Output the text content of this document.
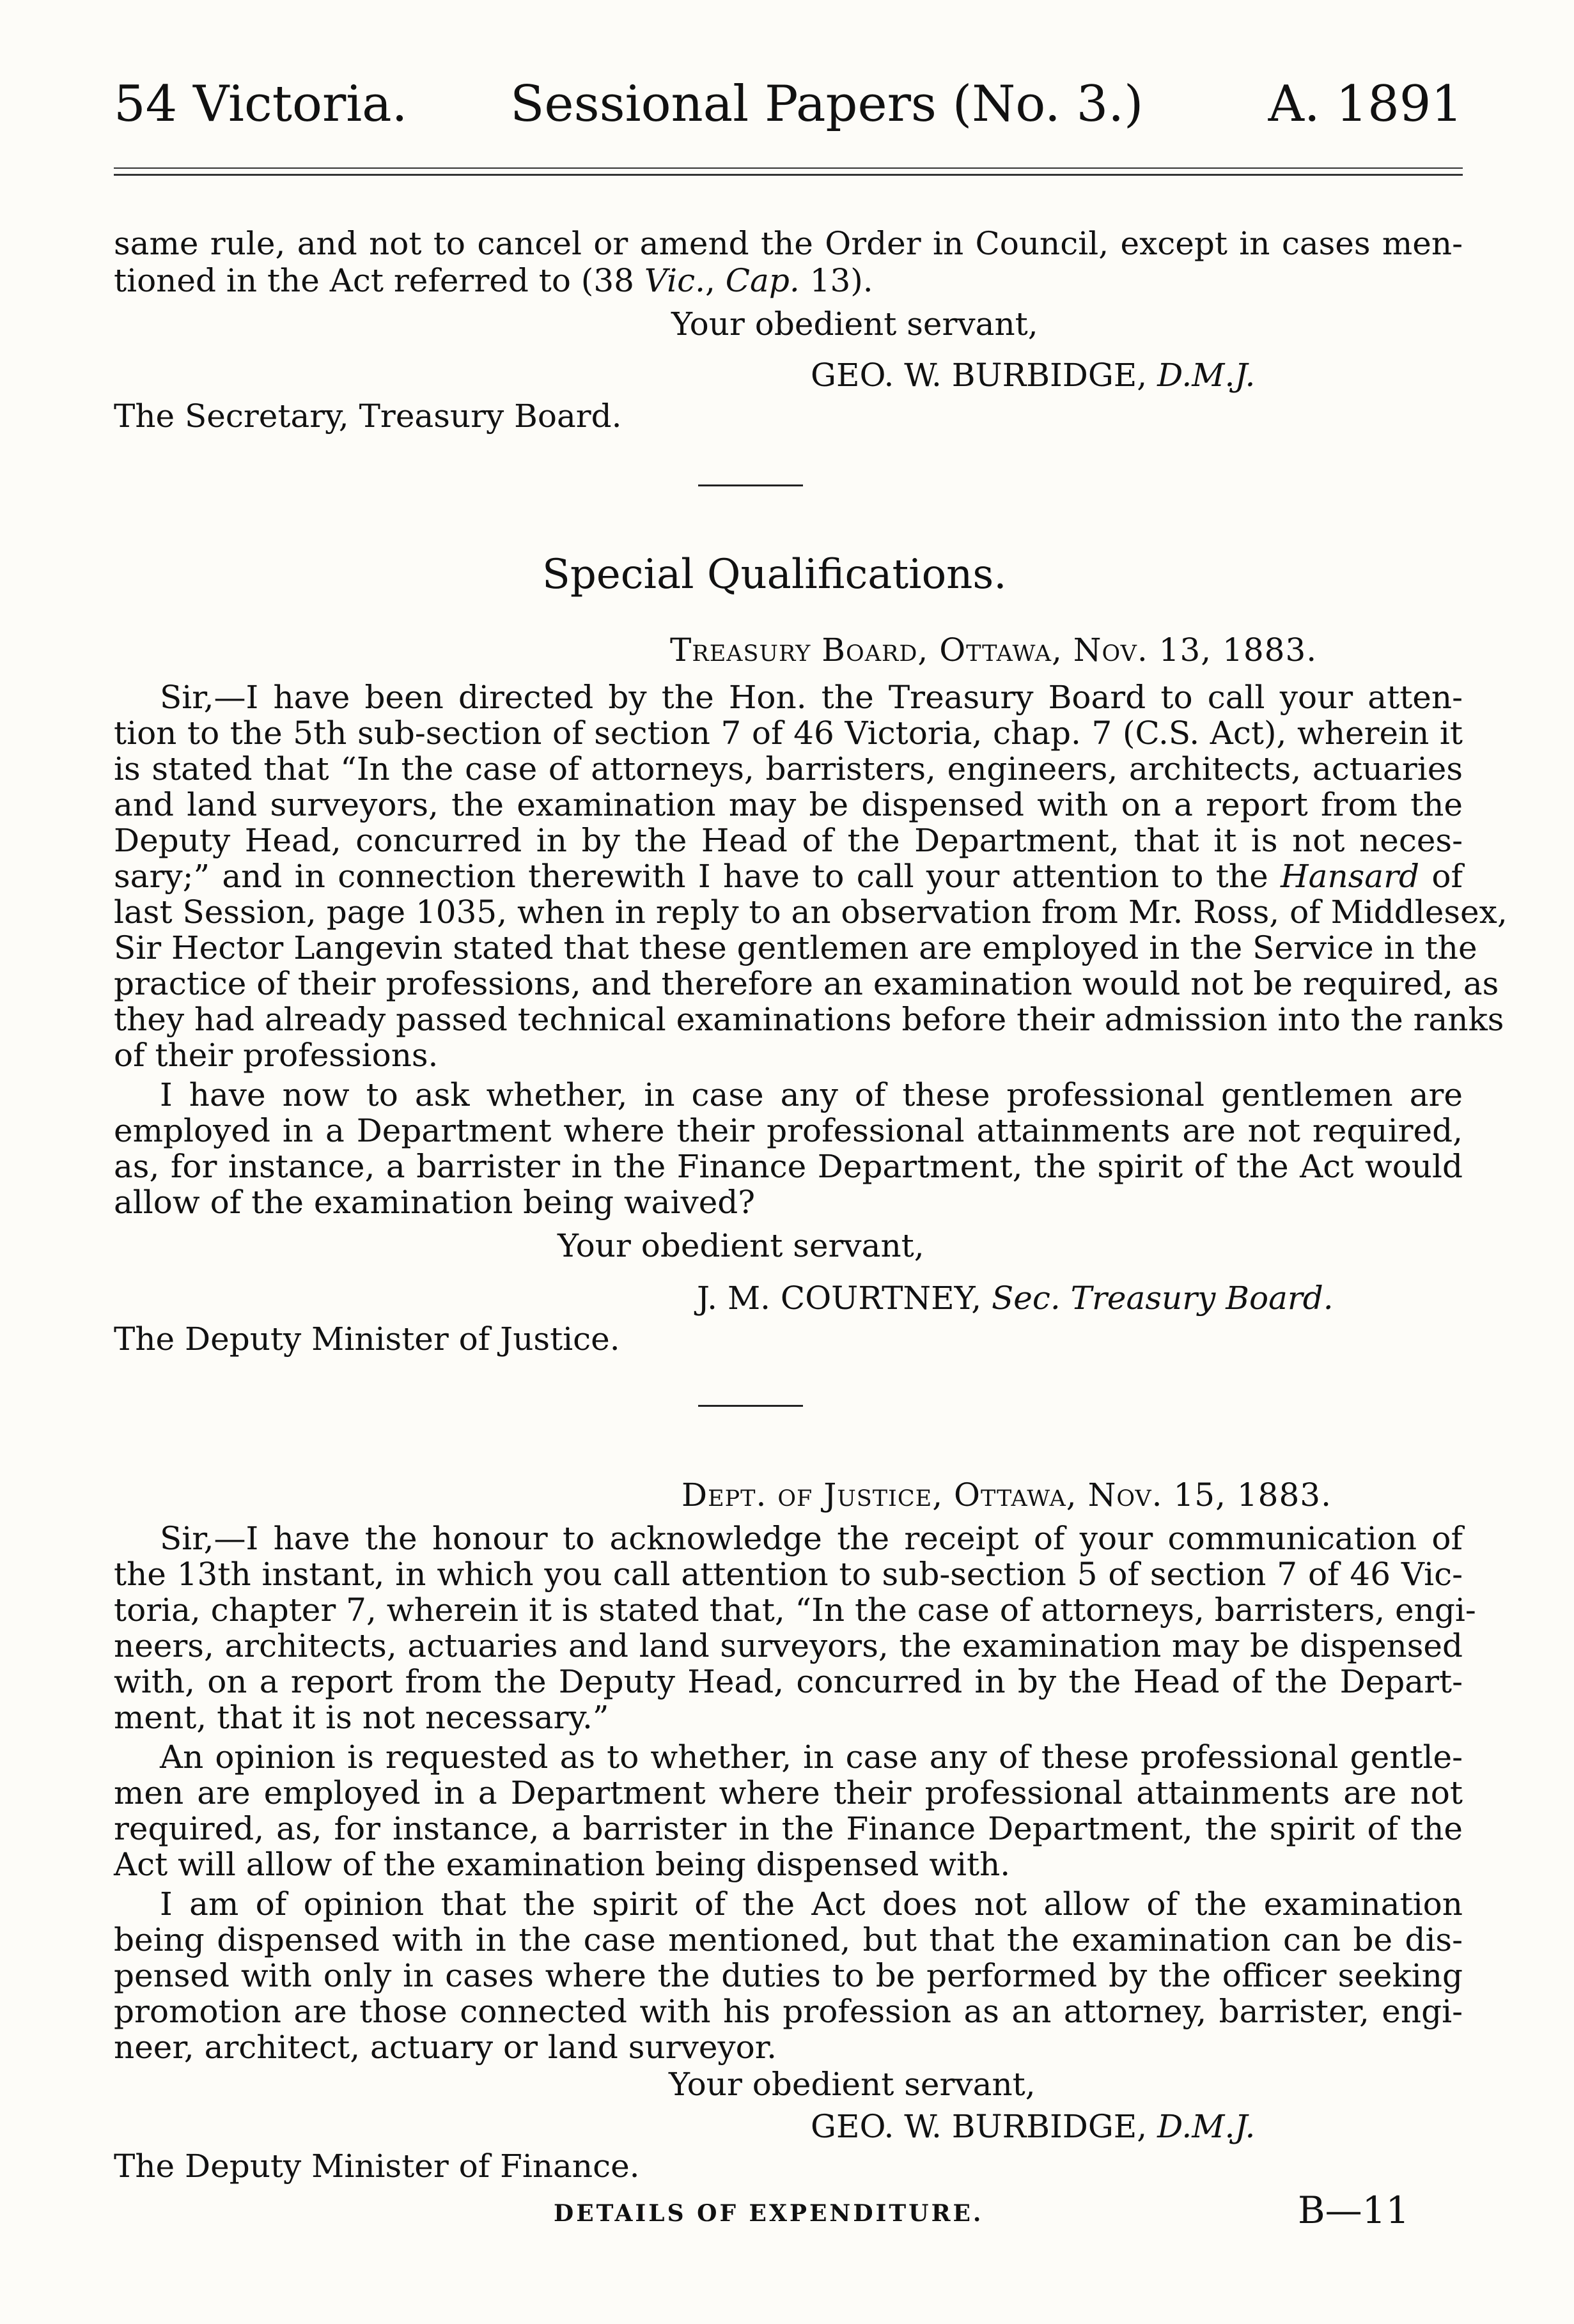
54 Victoria. Sessional Papers (No. 3.)	A. 1891
same rule, and not to cancel or amend the Order in Council, except in cases men-
tioned in the Act referred to (38 Vic., Cap. 13).
Your obedient servant,
GEO. W. BURBIDGE, D.M.J.
The Secretary, Treasury Board.
Special Qualifications.
Treasury Board, Ottawa, Nov. 13, 1883.
Sir,—I have been directed by the Hon. the Treasury Board to call your atten-
tion to the 5th sub-section of section 7 of 46 Victoria, chap. 7 (C.S. Act), wherein it
is stated that “In the case of attorneys, barristers, engineers, architects, actuaries
and land surveyors, the examination may be dispensed with on a report from the
Deputy Head, concurred in by the Head of the Department, that it is not neces-
sary;” and in connection therewith I have to call your attention to the Hansard of
last Session, page 1035, when in reply to an observation from Mr. Ross, of Middlesex,
Sir Hector Langevin stated that these gentlemen are employed in the Service in the
practice of their professions, and therefore an examination would not be required, as
they had already passed technical examinations before their admission into the ranks
of their professions.
I have now to ask whether, in case any of these professional gentlemen are
employed in a Department where their professional attainments are not required,
as, for instance, a barrister in the Finance Department, the spirit of the Act would
allow of the examination being waived?
Your obedient servant,
J. M. COURTNEY, Sec. Treasury Board.
The Deputy Minister of Justice.
Dept. of Justice, Ottawa, Nov. 15, 1883.
Sir,—I have the honour to acknowledge the receipt of your communication of
the 13th instant, in which you call attention to sub-section 5 of section 7 of 46 Vic-
toria, chapter 7, wherein it is stated that, “In the case of attorneys, barristers, engi-
neers, architects, actuaries and land surveyors, the examination may be dispensed
with, on a report from the Deputy Head, concurred in by the Head of the Depart-
ment, that it is not necessary.”
An opinion is requested as to whether, in case any of these professional gentle-
men are employed in a Department where their professional attainments are not
required, as, for instance, a barrister in the Finance Department, the spirit of the
Act will allow of the examination being dispensed with.
I am of opinion that the spirit of the Act does not allow of the examination
being dispensed with in the case mentioned, but that the examination can be dis-
pensed with only in cases where the duties to be performed by the officer seeking
promotion are those connected with his profession as an attorney, barrister, engi-
neer, architect, actuary or land surveyor.
Your obedient servant,
GEO. W. BURBIDGE, D.M.J.
The Deputy Minister of Finance.
DETAILS OF EXPENDITURE.	B—11
